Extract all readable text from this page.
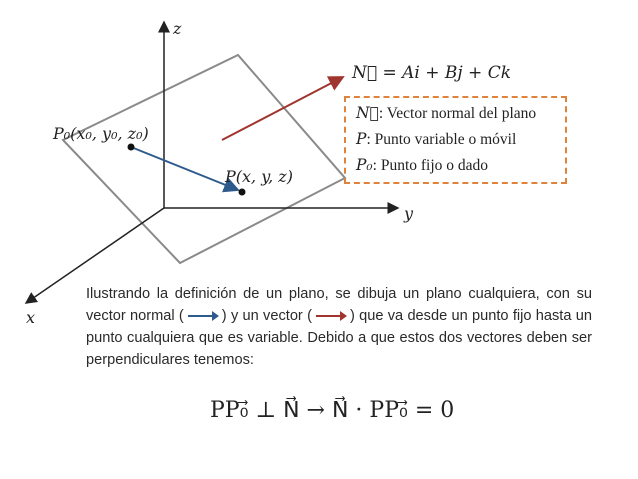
z
y
x
P₀(x₀, y₀, z₀)
P(x, y, z)
N⃗ = Ai + Bj + Ck
N⃗: Vector normal del plano
P: Punto variable o móvil
P₀: Punto fijo o dado
Ilustrando la definición de un plano, se dibuja un plano cualquiera, con su vector normal (	) y un vector (	) que va desde un punto fijo hasta un punto cualquiera que es variable. Debido a que estos dos vectores deben ser perpendiculares tenemos:
PP₀⃗ ⊥ N⃗ → N⃗ · PP₀⃗ = 0
